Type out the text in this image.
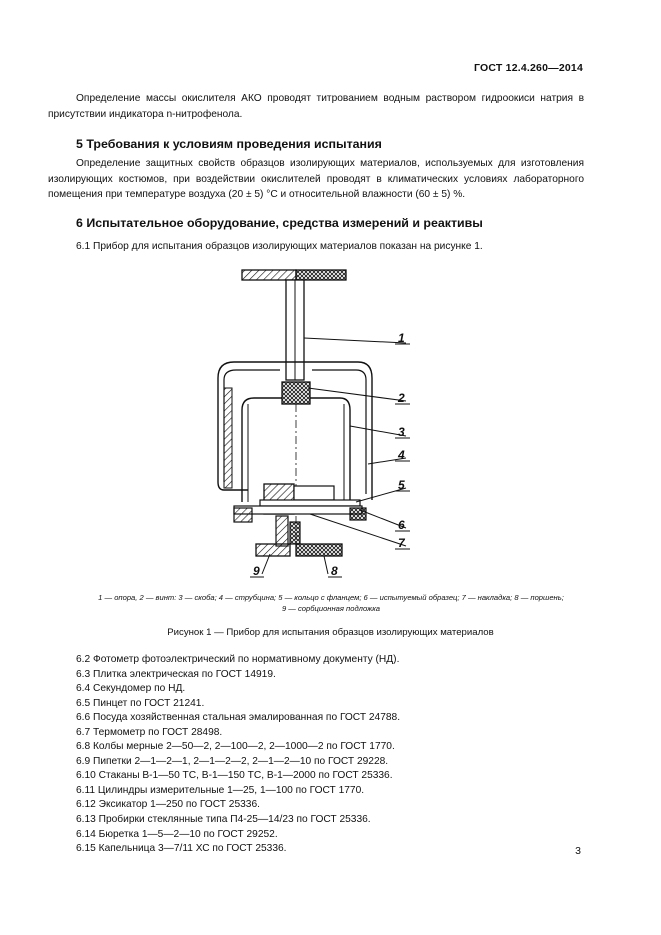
ГОСТ 12.4.260—2014
Определение массы окислителя АКО проводят титрованием водным раствором гидроокиси натрия в присутствии индикатора n-нитрофенола.
5 Требования к условиям проведения испытания
Определение защитных свойств образцов изолирующих материалов, используемых для изготовления изолирующих костюмов, при воздействии окислителей проводят в климатических условиях лабораторного помещения при температуре воздуха (20 ± 5) °С и относительной влажности (60 ± 5) %.
6 Испытательное оборудование, средства измерений и реактивы
6.1 Прибор для испытания образцов изолирующих материалов показан на рисунке 1.
1
2
3
4
5
6
7
8
9
1 — опора, 2 — винт: 3 — скоба; 4 — струбцина; 5 — кольцо с фланцем; 6 — испытуемый образец; 7 — накладка; 8 — поршень;
9 — сорбционная подложка
Рисунок 1 — Прибор для испытания образцов изолирующих материалов
6.2 Фотометр фотоэлектрический по нормативному документу (НД).
6.3 Плитка электрическая по ГОСТ 14919.
6.4 Секундомер по НД.
6.5 Пинцет по ГОСТ 21241.
6.6 Посуда хозяйственная стальная эмалированная по ГОСТ 24788.
6.7 Термометр по ГОСТ 28498.
6.8 Колбы мерные 2—50—2, 2—100—2, 2—1000—2 по ГОСТ 1770.
6.9 Пипетки 2—1—2—1, 2—1—2—2, 2—1—2—10 по ГОСТ 29228.
6.10 Стаканы В-1—50 ТС, В-1—150 ТС, В-1—2000 по ГОСТ 25336.
6.11 Цилиндры измерительные 1—25, 1—100 по ГОСТ 1770.
6.12 Эксикатор 1—250 по ГОСТ 25336.
6.13 Пробирки стеклянные типа П4-25—14/23 по ГОСТ 25336.
6.14 Бюретка 1—5—2—10 по ГОСТ 29252.
6.15 Капельница 3—7/11 ХС по ГОСТ 25336.	3
